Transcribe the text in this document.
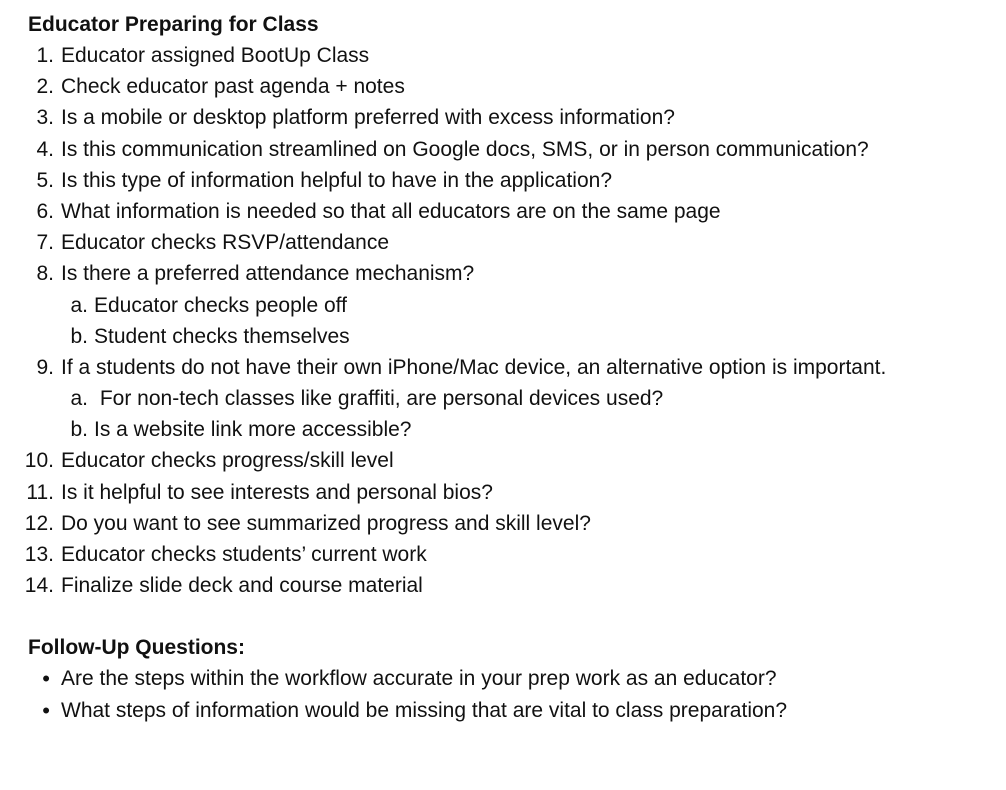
Educator Preparing for Class
1. Educator assigned BootUp Class
2. Check educator past agenda + notes
3. Is a mobile or desktop platform preferred with excess information?
4. Is this communication streamlined on Google docs, SMS, or in person communication?
5. Is this type of information helpful to have in the application?
6. What information is needed so that all educators are on the same page
7. Educator checks RSVP/attendance
8. Is there a preferred attendance mechanism?
a. Educator checks people off
b. Student checks themselves
9. If a students do not have their own iPhone/Mac device, an alternative option is important.
a. For non-tech classes like graffiti, are personal devices used?
b. Is a website link more accessible?
10. Educator checks progress/skill level
11. Is it helpful to see interests and personal bios?
12. Do you want to see summarized progress and skill level?
13. Educator checks students’ current work
14. Finalize slide deck and course material
Follow-Up Questions:
• Are the steps within the workflow accurate in your prep work as an educator?
• What steps of information would be missing that are vital to class preparation?
